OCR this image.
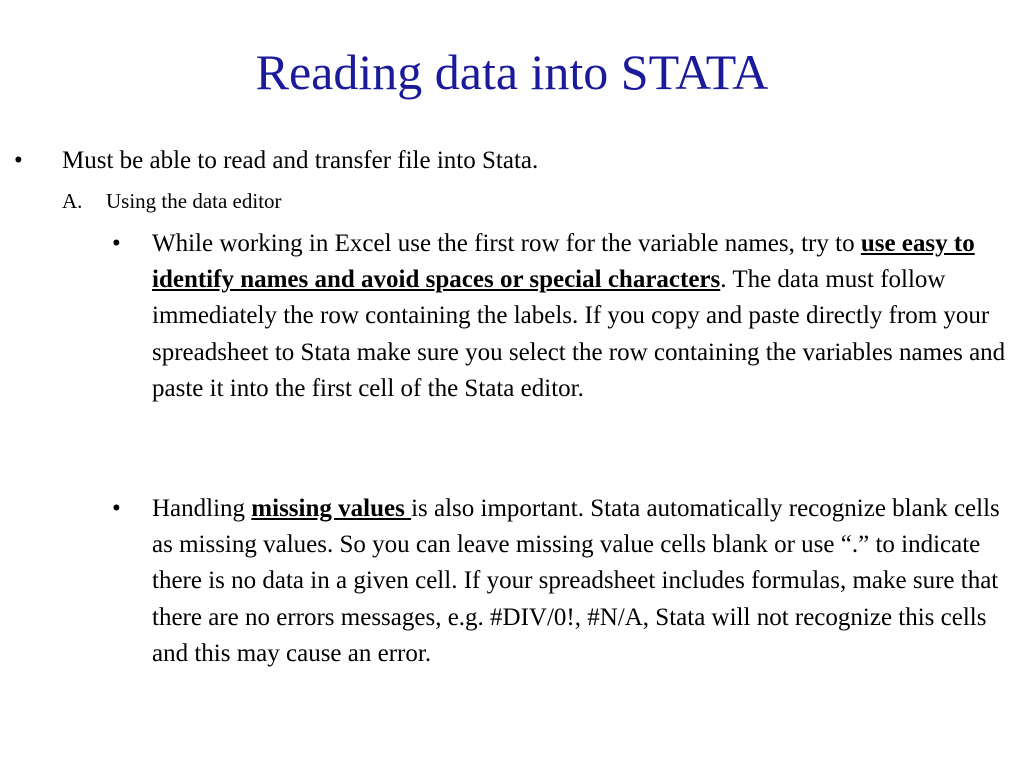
Reading data into STATA
• Must be able to read and transfer file into Stata.
A. Using the data editor
• While working in Excel use the first row for the variable names, try to use easy to identify names and avoid spaces or special characters. The data must follow immediately the row containing the labels. If you copy and paste directly from your spreadsheet to Stata make sure you select the row containing the variables names and paste it into the first cell of the Stata editor.

• Handling missing values is also important. Stata automatically recognize blank cells as missing values. So you can leave missing value cells blank or use “.” to indicate there is no data in a given cell. If your spreadsheet includes formulas, make sure that there are no errors messages, e.g. #DIV/0!, #N/A, Stata will not recognize this cells and this may cause an error.
